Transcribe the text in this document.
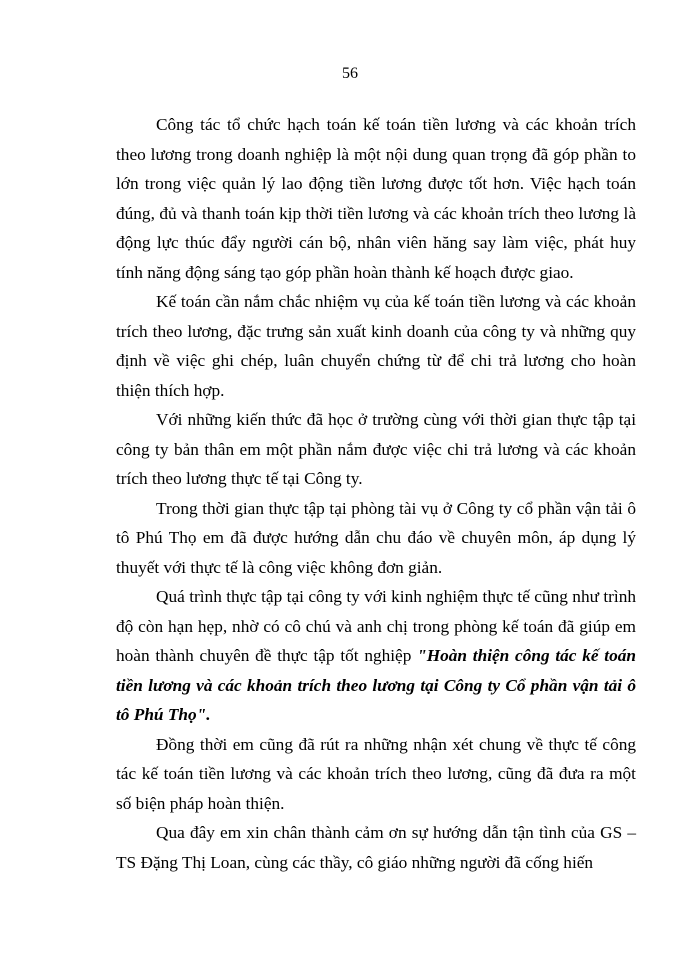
56

Công tác tổ chức hạch toán kế toán tiền lương và các khoản trích theo lương trong doanh nghiệp là một nội dung quan trọng đã góp phần to lớn trong việc quản lý lao động tiền lương được tốt hơn. Việc hạch toán đúng, đủ và thanh toán kịp thời tiền lương và các khoản trích theo lương là động lực thúc đẩy người cán bộ, nhân viên hăng say làm việc, phát huy tính năng động sáng tạo góp phần hoàn thành kế hoạch được giao.

Kế toán cần nắm chắc nhiệm vụ của kế toán tiền lương và các khoản trích theo lương, đặc trưng sản xuất kinh doanh của công ty và những quy định về việc ghi chép, luân chuyển chứng từ để chi trả lương cho hoàn thiện thích hợp.

Với những kiến thức đã học ở trường cùng với thời gian thực tập tại công ty bản thân em một phần nắm được việc chi trả lương và các khoản trích theo lương thực tế tại Công ty.

Trong thời gian thực tập tại phòng tài vụ ở Công ty cổ phần vận tải ô tô Phú Thọ em đã được hướng dẫn chu đáo về chuyên môn, áp dụng lý thuyết với thực tế là công việc không đơn giản.

Quá trình thực tập tại công ty với kinh nghiệm thực tế cũng như trình độ còn hạn hẹp, nhờ có cô chú và anh chị trong phòng kế toán đã giúp em hoàn thành chuyên đề thực tập tốt nghiệp "Hoàn thiện công tác kế toán tiền lương và các khoản trích theo lương tại Công ty Cổ phần vận tải ô tô Phú Thọ".

Đồng thời em cũng đã rút ra những nhận xét chung về thực tế công tác kế toán tiền lương và các khoản trích theo lương, cũng đã đưa ra một số biện pháp hoàn thiện.

Qua đây em xin chân thành cảm ơn sự hướng dẫn tận tình của GS – TS Đặng Thị Loan, cùng các thầy, cô giáo những người đã cống hiến
